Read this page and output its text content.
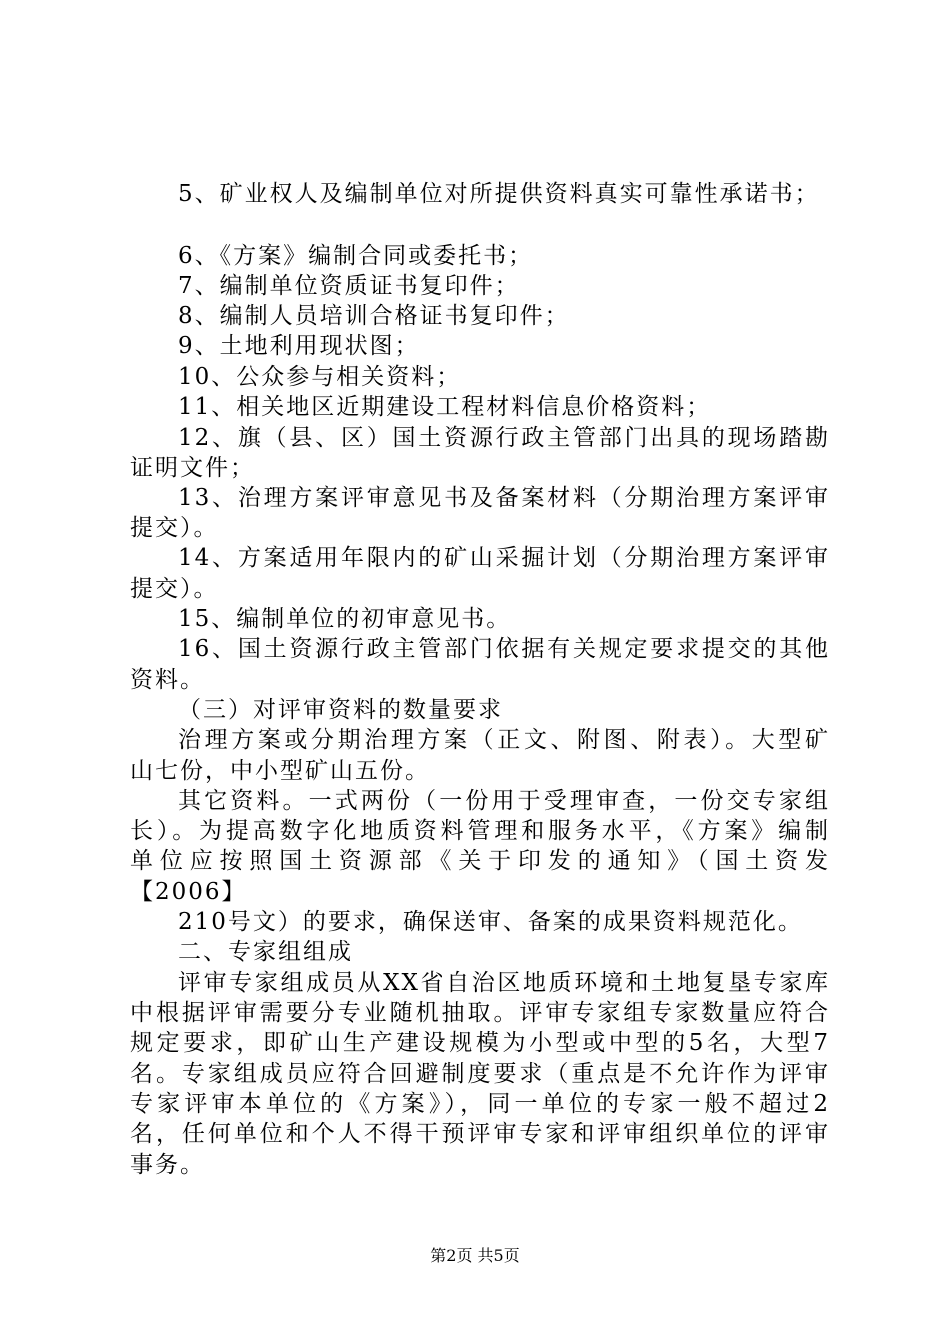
5、矿业权人及编制单位对所提供资料真实可靠性承诺书；
6、《方案》编制合同或委托书；
7、编制单位资质证书复印件；
8、编制人员培训合格证书复印件；
9、土地利用现状图；
10、公众参与相关资料；
11、相关地区近期建设工程材料信息价格资料；
12、旗（县、区）国土资源行政主管部门出具的现场踏勘
证明文件；
13、治理方案评审意见书及备案材料（分期治理方案评审
提交）。
14、方案适用年限内的矿山采掘计划（分期治理方案评审
提交）。
15、编制单位的初审意见书。
16、国土资源行政主管部门依据有关规定要求提交的其他
资料。
（三）对评审资料的数量要求
治理方案或分期治理方案（正文、附图、附表）。大型矿
山七份，中小型矿山五份。
其它资料。一式两份（一份用于受理审查，一份交专家组
长）。为提高数字化地质资料管理和服务水平，《方案》编制
单位应按照国土资源部《关于印发的通知》（国土资发
【2006】
210号文）的要求，确保送审、备案的成果资料规范化。
二、专家组组成
评审专家组成员从XX省自治区地质环境和土地复垦专家库
中根据评审需要分专业随机抽取。评审专家组专家数量应符合
规定要求，即矿山生产建设规模为小型或中型的5名，大型7
名。专家组成员应符合回避制度要求（重点是不允许作为评审
专家评审本单位的《方案》），同一单位的专家一般不超过2
名，任何单位和个人不得干预评审专家和评审组织单位的评审
事务。
第2页 共5页
